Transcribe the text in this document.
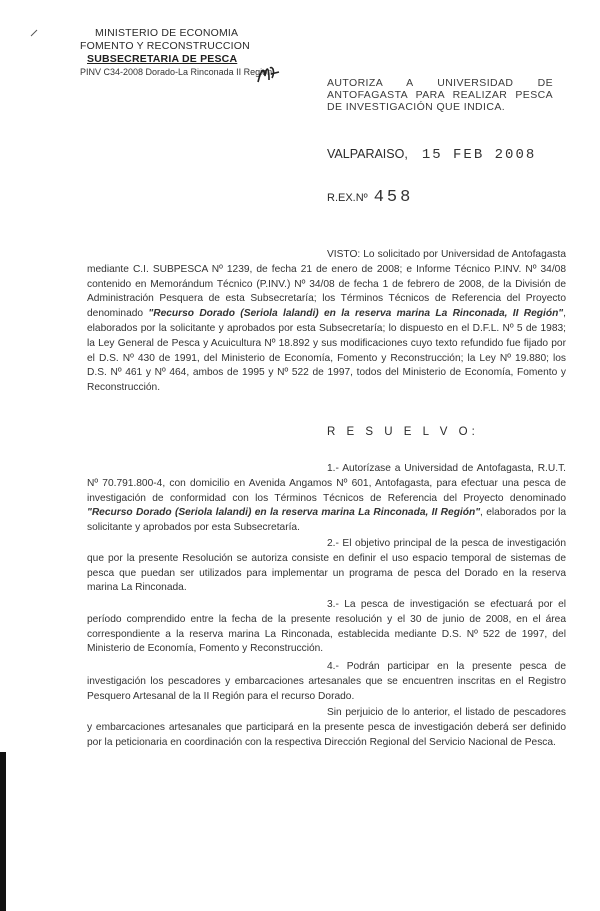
MINISTERIO DE ECONOMIA
FOMENTO Y RECONSTRUCCION
SUBSECRETARIA DE PESCA
PINV C34-2008 Dorado-La Rinconada II Region
AUTORIZA A UNIVERSIDAD DE ANTOFAGASTA PARA REALIZAR PESCA DE INVESTIGACIÓN QUE INDICA.
VALPARAISO, 15 FEB 2008
R.EX.Nº 458
VISTO: Lo solicitado por Universidad de Antofagasta mediante C.I. SUBPESCA Nº 1239, de fecha 21 de enero de 2008; e Informe Técnico P.INV. Nº 34/08 contenido en Memorándum Técnico (P.INV.) Nº 34/08 de fecha 1 de febrero de 2008, de la División de Administración Pesquera de esta Subsecretaría; los Términos Técnicos de Referencia del Proyecto denominado "Recurso Dorado (Seriola lalandi) en la reserva marina La Rinconada, II Región", elaborados por la solicitante y aprobados por esta Subsecretaría; lo dispuesto en el D.F.L. Nº 5 de 1983; la Ley General de Pesca y Acuicultura Nº 18.892 y sus modificaciones cuyo texto refundido fue fijado por el D.S. Nº 430 de 1991, del Ministerio de Economía, Fomento y Reconstrucción; la Ley Nº 19.880; los D.S. Nº 461 y Nº 464, ambos de 1995 y Nº 522 de 1997, todos del Ministerio de Economía, Fomento y Reconstrucción.
R E S U E L V O:
1.- Autorízase a Universidad de Antofagasta, R.U.T. Nº 70.791.800-4, con domicilio en Avenida Angamos Nº 601, Antofagasta, para efectuar una pesca de investigación de conformidad con los Términos Técnicos de Referencia del Proyecto denominado "Recurso Dorado (Seriola lalandi) en la reserva marina La Rinconada, II Región", elaborados por la solicitante y aprobados por esta Subsecretaría.
2.- El objetivo principal de la pesca de investigación que por la presente Resolución se autoriza consiste en definir el uso espacio temporal de sistemas de pesca que puedan ser utilizados para implementar un programa de pesca del Dorado en la reserva marina La Rinconada.
3.- La pesca de investigación se efectuará por el período comprendido entre la fecha de la presente resolución y el 30 de junio de 2008, en el área correspondiente a la reserva marina La Rinconada, establecida mediante D.S. Nº 522 de 1997, del Ministerio de Economía, Fomento y Reconstrucción.
4.- Podrán participar en la presente pesca de investigación los pescadores y embarcaciones artesanales que se encuentren inscritas en el Registro Pesquero Artesanal de la II Región para el recurso Dorado.
Sin perjuicio de lo anterior, el listado de pescadores y embarcaciones artesanales que participará en la presente pesca de investigación deberá ser definido por la peticionaria en coordinación con la respectiva Dirección Regional del Servicio Nacional de Pesca.
